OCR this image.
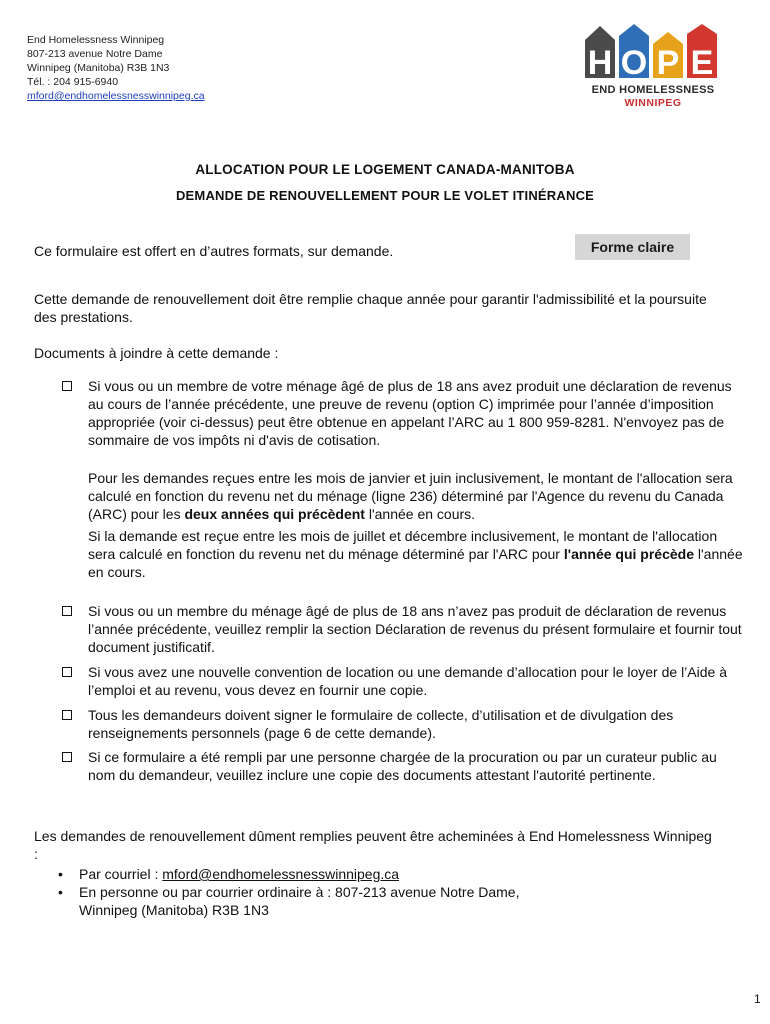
End Homelessness Winnipeg
807-213 avenue Notre Dame
Winnipeg (Manitoba) R3B 1N3
Tél. : 204 915-6940
mford@endhomelessnesswinnipeg.ca
H O P E
END HOMELESSNESS
WINNIPEG
ALLOCATION POUR LE LOGEMENT CANADA-MANITOBA
DEMANDE DE RENOUVELLEMENT POUR LE VOLET ITINÉRANCE
Ce formulaire est offert en d’autres formats, sur demande.	Forme claire
Cette demande de renouvellement doit être remplie chaque année pour garantir l'admissibilité et la poursuite des prestations.
Documents à joindre à cette demande :
Si vous ou un membre de votre ménage âgé de plus de 18 ans avez produit une déclaration de revenus au cours de l’année précédente, une preuve de revenu (option C) imprimée pour l’année d’imposition appropriée (voir ci-dessus) peut être obtenue en appelant l’ARC au 1 800 959-8281. N'envoyez pas de sommaire de vos impôts ni d'avis de cotisation.
Pour les demandes reçues entre les mois de janvier et juin inclusivement, le montant de l'allocation sera calculé en fonction du revenu net du ménage (ligne 236) déterminé par l'Agence du revenu du Canada (ARC) pour les deux années qui précèdent l'année en cours.
Si la demande est reçue entre les mois de juillet et décembre inclusivement, le montant de l'allocation sera calculé en fonction du revenu net du ménage déterminé par l'ARC pour l'année qui précède l'année en cours.
Si vous ou un membre du ménage âgé de plus de 18 ans n’avez pas produit de déclaration de revenus l’année précédente, veuillez remplir la section Déclaration de revenus du présent formulaire et fournir tout document justificatif.
Si vous avez une nouvelle convention de location ou une demande d’allocation pour le loyer de l’Aide à l’emploi et au revenu, vous devez en fournir une copie.
Tous les demandeurs doivent signer le formulaire de collecte, d’utilisation et de divulgation des renseignements personnels (page 6 de cette demande).
Si ce formulaire a été rempli par une personne chargée de la procuration ou par un curateur public au nom du demandeur, veuillez inclure une copie des documents attestant l'autorité pertinente.
Les demandes de renouvellement dûment remplies peuvent être acheminées à End Homelessness Winnipeg :
• Par courriel : mford@endhomelessnesswinnipeg.ca
• En personne ou par courrier ordinaire à : 807-213 avenue Notre Dame,
Winnipeg (Manitoba) R3B 1N3
1
